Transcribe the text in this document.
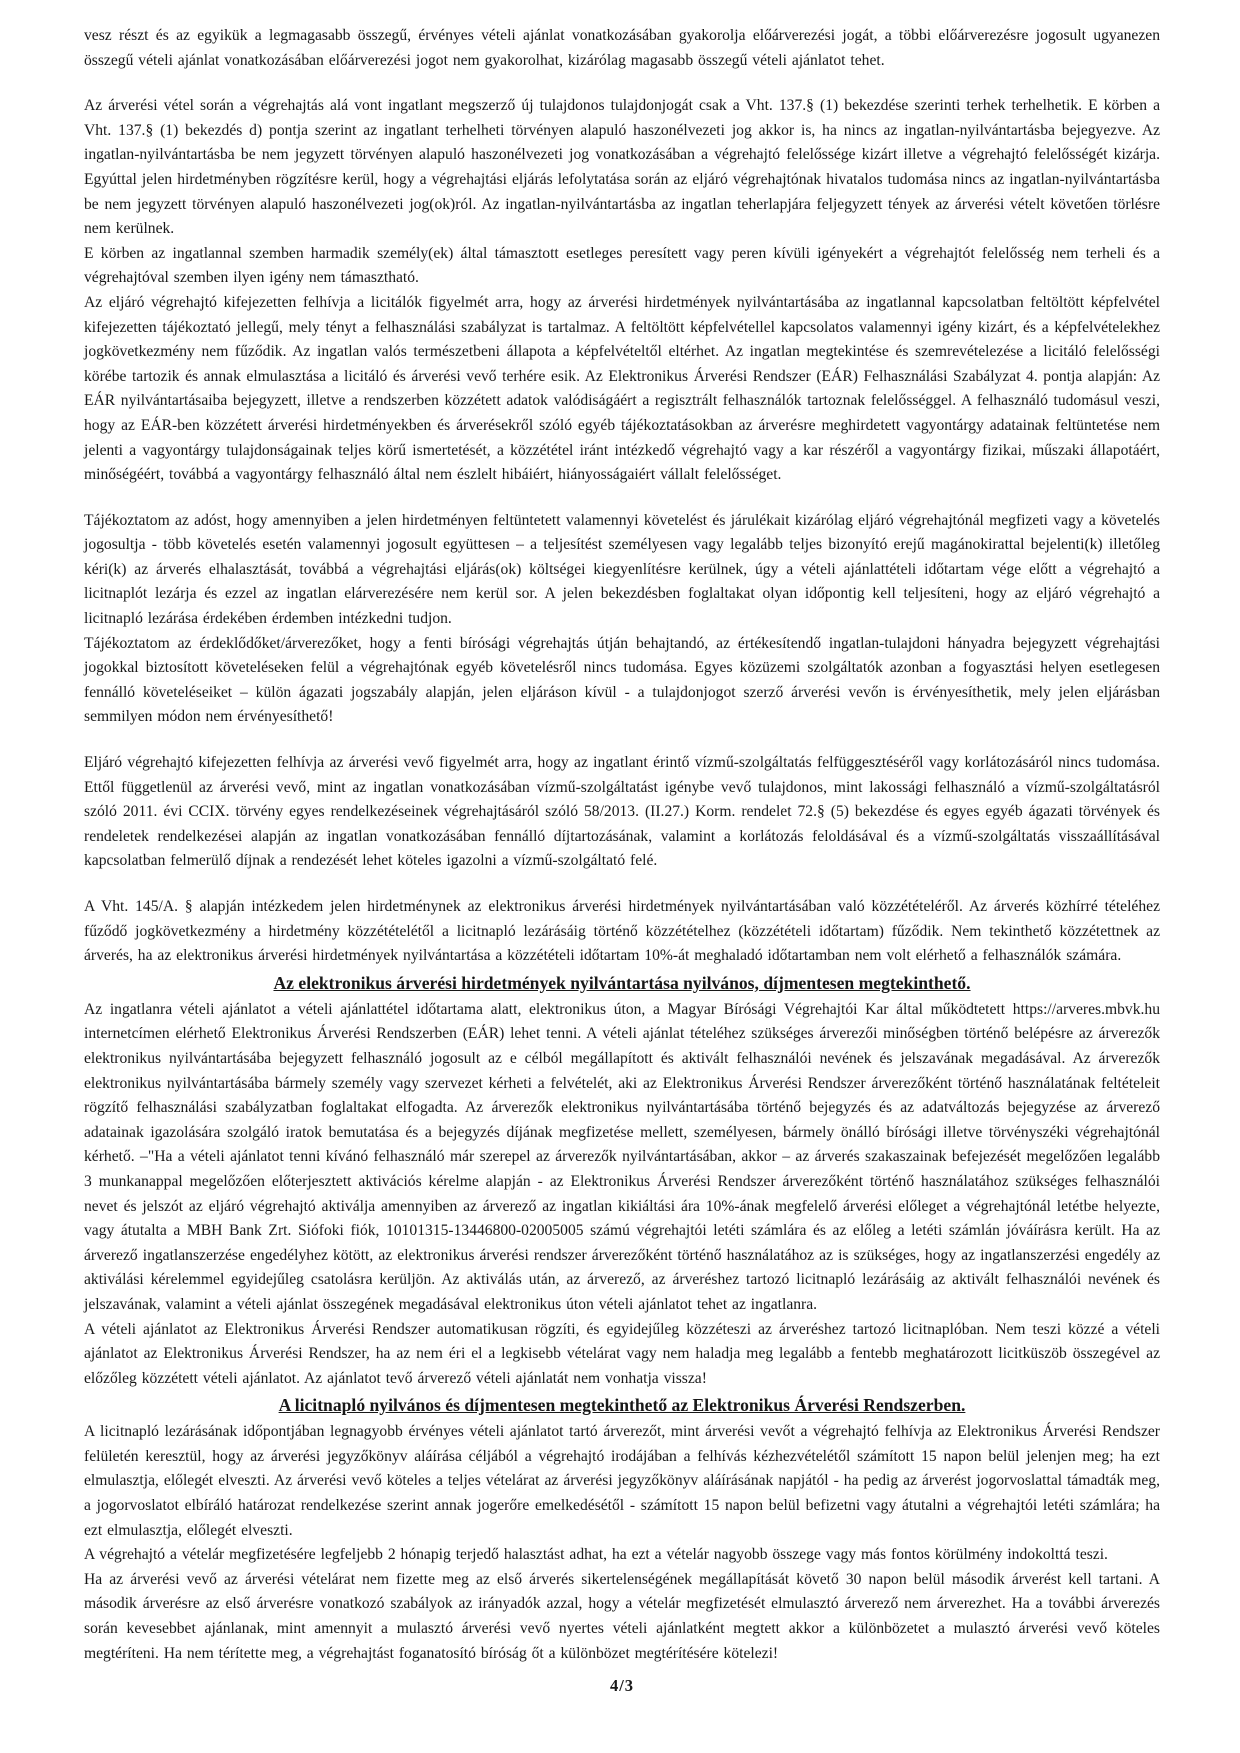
vesz részt és az egyikük a legmagasabb összegű, érvényes vételi ajánlat vonatkozásában gyakorolja előárverezési jogát, a többi előárverezésre jogosult ugyanezen összegű vételi ajánlat vonatkozásában előárverezési jogot nem gyakorolhat, kizárólag magasabb összegű vételi ajánlatot tehet.

Az árverési vétel során a végrehajtás alá vont ingatlant megszerző új tulajdonos tulajdonjogát csak a Vht. 137.§ (1) bekezdése szerinti terhek terhelhetik. E körben a Vht. 137.§ (1) bekezdés d) pontja szerint az ingatlant terhelheti törvényen alapuló haszonélvezeti jog akkor is, ha nincs az ingatlan-nyilvántartásba bejegyezve. Az ingatlan-nyilvántartásba be nem jegyzett törvényen alapuló haszonélvezeti jog vonatkozásában a végrehajtó felelőssége kizárt illetve a végrehajtó felelősségét kizárja. Egyúttal jelen hirdetményben rögzítésre kerül, hogy a végrehajtási eljárás lefolytatása során az eljáró végrehajtónak hivatalos tudomása nincs az ingatlan-nyilvántartásba be nem jegyzett törvényen alapuló haszonélvezeti jog(ok)ról. Az ingatlan-nyilvántartásba az ingatlan teherlapjára feljegyzett tények az árverési vételt követően törlésre nem kerülnek.

E körben az ingatlannal szemben harmadik személy(ek) által támasztott esetleges peresített vagy peren kívüli igényekért a végrehajtót felelősség nem terheli és a végrehajtóval szemben ilyen igény nem támasztható.

Az eljáró végrehajtó kifejezetten felhívja a licitálók figyelmét arra, hogy az árverési hirdetmények nyilvántartásába az ingatlannal kapcsolatban feltöltött képfelvétel kifejezetten tájékoztató jellegű, mely tényt a felhasználási szabályzat is tartalmaz. A feltöltött képfelvétellel kapcsolatos valamennyi igény kizárt, és a képfelvételekhez jogkövetkezmény nem fűződik. Az ingatlan valós természetbeni állapota a képfelvételtől eltérhet. Az ingatlan megtekintése és szemrevételezése a licitáló felelősségi körébe tartozik és annak elmulasztása a licitáló és árverési vevő terhére esik. Az Elektronikus Árverési Rendszer (EÁR) Felhasználási Szabályzat 4. pontja alapján: Az EÁR nyilvántartásaiba bejegyzett, illetve a rendszerben közzétett adatok valódiságáért a regisztrált felhasználók tartoznak felelősséggel. A felhasználó tudomásul veszi, hogy az EÁR-ben közzétett árverési hirdetményekben és árverésekről szóló egyéb tájékoztatásokban az árverésre meghirdetett vagyontárgy adatainak feltüntetése nem jelenti a vagyontárgy tulajdonságainak teljes körű ismertetését, a közzététel iránt intézkedő végrehajtó vagy a kar részéről a vagyontárgy fizikai, műszaki állapotáért, minőségéért, továbbá a vagyontárgy felhasználó által nem észlelt hibáiért, hiányosságaiért vállalt felelősséget.

Tájékoztatom az adóst, hogy amennyiben a jelen hirdetményen feltüntetett valamennyi követelést és járulékait kizárólag eljáró végrehajtónál megfizeti vagy a követelés jogosultja - több követelés esetén valamennyi jogosult együttesen – a teljesítést személyesen vagy legalább teljes bizonyító erejű magánokirattal bejelenti(k) illetőleg kéri(k) az árverés elhalasztását, továbbá a végrehajtási eljárás(ok) költségei kiegyenlítésre kerülnek, úgy a vételi ajánlattételi időtartam vége előtt a végrehajtó a licitnaplót lezárja és ezzel az ingatlan elárverezésére nem kerül sor. A jelen bekezdésben foglaltakat olyan időpontig kell teljesíteni, hogy az eljáró végrehajtó a licitnapló lezárása érdekében érdemben intézkedni tudjon.

Tájékoztatom az érdeklődőket/árverezőket, hogy a fenti bírósági végrehajtás útján behajtandó, az értékesítendő ingatlan-tulajdoni hányadra bejegyzett végrehajtási jogokkal biztosított követeléseken felül a végrehajtónak egyéb követelésről nincs tudomása. Egyes közüzemi szolgáltatók azonban a fogyasztási helyen esetlegesen fennálló követeléseiket – külön ágazati jogszabály alapján, jelen eljáráson kívül - a tulajdonjogot szerző árverési vevőn is érvényesíthetik, mely jelen eljárásban semmilyen módon nem érvényesíthető!

Eljáró végrehajtó kifejezetten felhívja az árverési vevő figyelmét arra, hogy az ingatlant érintő vízmű-szolgáltatás felfüggesztéséről vagy korlátozásáról nincs tudomása. Ettől függetlenül az árverési vevő, mint az ingatlan vonatkozásában vízmű-szolgáltatást igénybe vevő tulajdonos, mint lakossági felhasználó a vízmű-szolgáltatásról szóló 2011. évi CCIX. törvény egyes rendelkezéseinek végrehajtásáról szóló 58/2013. (II.27.) Korm. rendelet 72.§ (5) bekezdése és egyes egyéb ágazati törvények és rendeletek rendelkezései alapján az ingatlan vonatkozásában fennálló díjtartozásának, valamint a korlátozás feloldásával és a vízmű-szolgáltatás visszaállításával kapcsolatban felmerülő díjnak a rendezését lehet köteles igazolni a vízmű-szolgáltató felé.

A Vht. 145/A. § alapján intézkedem jelen hirdetménynek az elektronikus árverési hirdetmények nyilvántartásában való közzétételéről. Az árverés közhírré tételéhez fűződő jogkövetkezmény a hirdetmény közzétételétől a licitnapló lezárásáig történő közzétételhez (közzétételi időtartam) fűződik. Nem tekinthető közzétettnek az árverés, ha az elektronikus árverési hirdetmények nyilvántartása a közzétételi időtartam 10%-át meghaladó időtartamban nem volt elérhető a felhasználók számára.

Az elektronikus árverési hirdetmények nyilvántartása nyilvános, díjmentesen megtekinthető.

Az ingatlanra vételi ajánlatot a vételi ajánlattétel időtartama alatt, elektronikus úton, a Magyar Bírósági Végrehajtói Kar által működtetett https://arveres.mbvk.hu internetcímen elérhető Elektronikus Árverési Rendszerben (EÁR) lehet tenni. A vételi ajánlat tételéhez szükséges árverezői minőségben történő belépésre az árverezők elektronikus nyilvántartásába bejegyzett felhasználó jogosult az e célból megállapított és aktivált felhasználói nevének és jelszavának megadásával. Az árverezők elektronikus nyilvántartásába bármely személy vagy szervezet kérheti a felvételét, aki az Elektronikus Árverési Rendszer árverezőként történő használatának feltételeit rögzítő felhasználási szabályzatban foglaltakat elfogadta. Az árverezők elektronikus nyilvántartásába történő bejegyzés és az adatváltozás bejegyzése az árverező adatainak igazolására szolgáló iratok bemutatása és a bejegyzés díjának megfizetése mellett, személyesen, bármely önálló bírósági illetve törvényszéki végrehajtónál kérhető. –"Ha a vételi ajánlatot tenni kívánó felhasználó már szerepel az árverezők nyilvántartásában, akkor – az árverés szakaszainak befejezését megelőzően legalább 3 munkanappal megelőzően előterjesztett aktivációs kérelme alapján - az Elektronikus Árverési Rendszer árverezőként történő használatához szükséges felhasználói nevet és jelszót az eljáró végrehajtó aktiválja amennyiben az árverező az ingatlan kikiáltási ára 10%-ának megfelelő árverési előleget a végrehajtónál letétbe helyezte, vagy átutalta a MBH Bank Zrt. Siófoki fiók, 10101315-13446800-02005005 számú végrehajtói letéti számlára és az előleg a letéti számlán jóváírásra került. Ha az árverező ingatlanszerzése engedélyhez kötött, az elektronikus árverési rendszer árverezőként történő használatához az is szükséges, hogy az ingatlanszerzési engedély az aktiválási kérelemmel egyidejűleg csatolásra kerüljön. Az aktiválás után, az árverező, az árveréshez tartozó licitnapló lezárásáig az aktivált felhasználói nevének és jelszavának, valamint a vételi ajánlat összegének megadásával elektronikus úton vételi ajánlatot tehet az ingatlanra.

A vételi ajánlatot az Elektronikus Árverési Rendszer automatikusan rögzíti, és egyidejűleg közzéteszi az árveréshez tartozó licitnaplóban. Nem teszi közzé a vételi ajánlatot az Elektronikus Árverési Rendszer, ha az nem éri el a legkisebb vételárat vagy nem haladja meg legalább a fentebb meghatározott licitküszöb összegével az előzőleg közzétett vételi ajánlatot. Az ajánlatot tevő árverező vételi ajánlatát nem vonhatja vissza!

A licitnapló nyilvános és díjmentesen megtekinthető az Elektronikus Árverési Rendszerben.

A licitnapló lezárásának időpontjában legnagyobb érvényes vételi ajánlatot tartó árverezőt, mint árverési vevőt a végrehajtó felhívja az Elektronikus Árverési Rendszer felületén keresztül, hogy az árverési jegyzőkönyv aláírása céljából a végrehajtó irodájában a felhívás kézhezvételétől számított 15 napon belül jelenjen meg; ha ezt elmulasztja, előlegét elveszti. Az árverési vevő köteles a teljes vételárat az árverési jegyzőkönyv aláírásának napjától - ha pedig az árverést jogorvoslattal támadták meg, a jogorvoslatot elbíráló határozat rendelkezése szerint annak jogerőre emelkedésétől - számított 15 napon belül befizetni vagy átutalni a végrehajtói letéti számlára; ha ezt elmulasztja, előlegét elveszti.

A végrehajtó a vételár megfizetésére legfeljebb 2 hónapig terjedő halasztást adhat, ha ezt a vételár nagyobb összege vagy más fontos körülmény indokolttá teszi.

Ha az árverési vevő az árverési vételárat nem fizette meg az első árverés sikertelenségének megállapítását követő 30 napon belül második árverést kell tartani. A második árverésre az első árverésre vonatkozó szabályok az irányadók azzal, hogy a vételár megfizetését elmulasztó árverező nem árverezhet. Ha a további árverezés során kevesebbet ajánlanak, mint amennyit a mulasztó árverési vevő nyertes vételi ajánlatként megtett akkor a különbözetet a mulasztó árverési vevő köteles megtéríteni. Ha nem térítette meg, a végrehajtást foganatosító bíróság őt a különbözet megtérítésére kötelezi!

4/3
